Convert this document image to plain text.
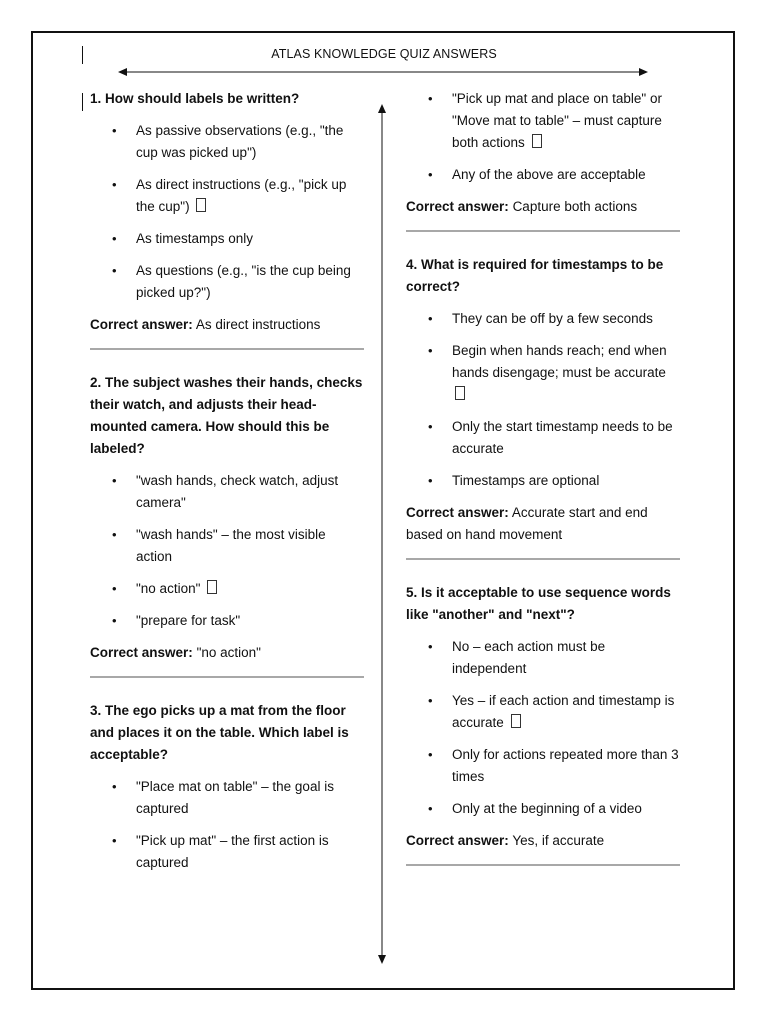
ATLAS KNOWLEDGE QUIZ ANSWERS
1. How should labels be written?
• As passive observations (e.g., "the cup was picked up")
• As direct instructions (e.g., "pick up the cup")
• As timestamps only
• As questions (e.g., "is the cup being picked up?")

Correct answer: As direct instructions

2. The subject washes their hands, checks their watch, and adjusts their head-mounted camera. How should this be labeled?
• "wash hands, check watch, adjust camera"
• "wash hands" – the most visible action
• "no action"
• "prepare for task"

Correct answer: "no action"

3. The ego picks up a mat from the floor and places it on the table. Which label is acceptable?
• "Place mat on table" – the goal is captured
• "Pick up mat" – the first action is captured
• "Pick up mat and place on table" or "Move mat to table" – must capture both actions
• Any of the above are acceptable

Correct answer: Capture both actions

4. What is required for timestamps to be correct?
• They can be off by a few seconds
• Begin when hands reach; end when hands disengage; must be accurate
• Only the start timestamp needs to be accurate
• Timestamps are optional

Correct answer: Accurate start and end based on hand movement

5. Is it acceptable to use sequence words like "another" and "next"?
• No – each action must be independent
• Yes – if each action and timestamp is accurate
• Only for actions repeated more than 3 times
• Only at the beginning of a video

Correct answer: Yes, if accurate
